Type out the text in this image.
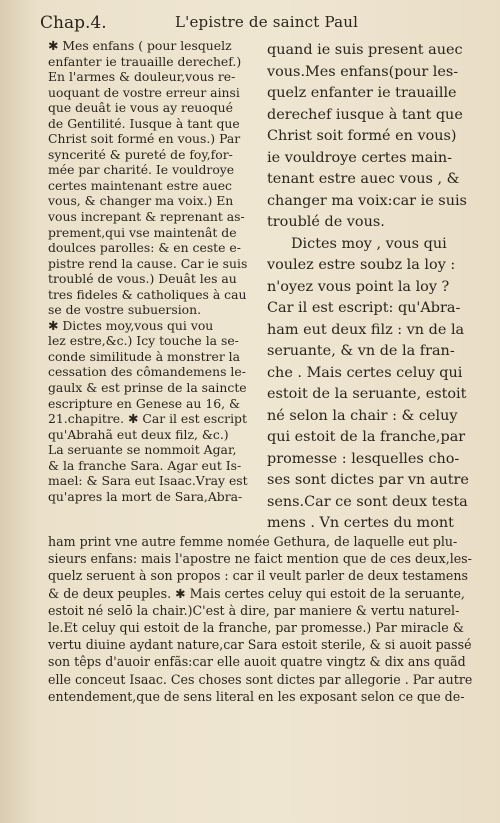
Chap.4.	L'epistre de sainct Paul
✱ Mes enfans ( pour lesquelz
enfanter ie trauaille derechef.)
En l'armes & douleur,vous re-
uoquant de vostre erreur ainsi
que deuât ie vous ay reuoqué
de Gentilité. Iusque à tant que
Christ soit formé en vous.) Par
syncerité & pureté de foy,for-
mée par charité. Ie vouldroye
certes maintenant estre auec
vous, & changer ma voix.) En
vous increpant & reprenant as-
prement,qui vse maintenât de
doulces parolles: & en ceste e-
pistre rend la cause. Car ie suis
troublé de vous.) Deuât les au
tres fideles & catholiques à cau
se de vostre subuersion.
✱ Dictes moy,vous qui vou
lez estre,&c.) Icy touche la se-
conde similitude à monstrer la
cessation des cômandemens le-
gaulx & est prinse de la saincte
escripture en Genese au 16, &
21.chapitre. ✱ Car il est escript
qu'Abrahã eut deux filz, &c.)
La seruante se nommoit Agar,
& la franche Sara. Agar eut Is-
mael: & Sara eut Isaac.Vray est
qu'apres la mort de Sara,Abra-
quand ie suis present auec
vous.Mes enfans(pour les-
quelz enfanter ie trauaille
derechef iusque à tant que
Christ soit formé en vous)
ie vouldroye certes main-
tenant estre auec vous , &
changer ma voix:car ie suis
troublé de vous.
Dictes moy , vous qui
voulez estre soubz la loy :
n'oyez vous point la loy ?
Car il est escript: qu'Abra-
ham eut deux filz : vn de la
seruante, & vn de la fran-
che . Mais certes celuy qui
estoit de la seruante, estoit
né selon la chair : & celuy
qui estoit de la franche,par
promesse : lesquelles cho-
ses sont dictes par vn autre
sens.Car ce sont deux testa
mens . Vn certes du mont
ham print vne autre femme nomée Gethura, de laquelle eut plu-
sieurs enfans: mais l'apostre ne faict mention que de ces deux,les-
quelz seruent à son propos : car il veult parler de deux testamens
& de deux peuples. ✱ Mais certes celuy qui estoit de la seruante,
estoit né selō la chair.)C'est à dire, par maniere & vertu naturel-
le.Et celuy qui estoit de la franche, par promesse.) Par miracle &
vertu diuine aydant nature,car Sara estoit sterile, & si auoit passé
son têps d'auoir enfãs:car elle auoit quatre vingtz & dix ans quãd
elle conceut Isaac. Ces choses sont dictes par allegorie . Par autre
entendement,que de sens literal en les exposant selon ce que de-
